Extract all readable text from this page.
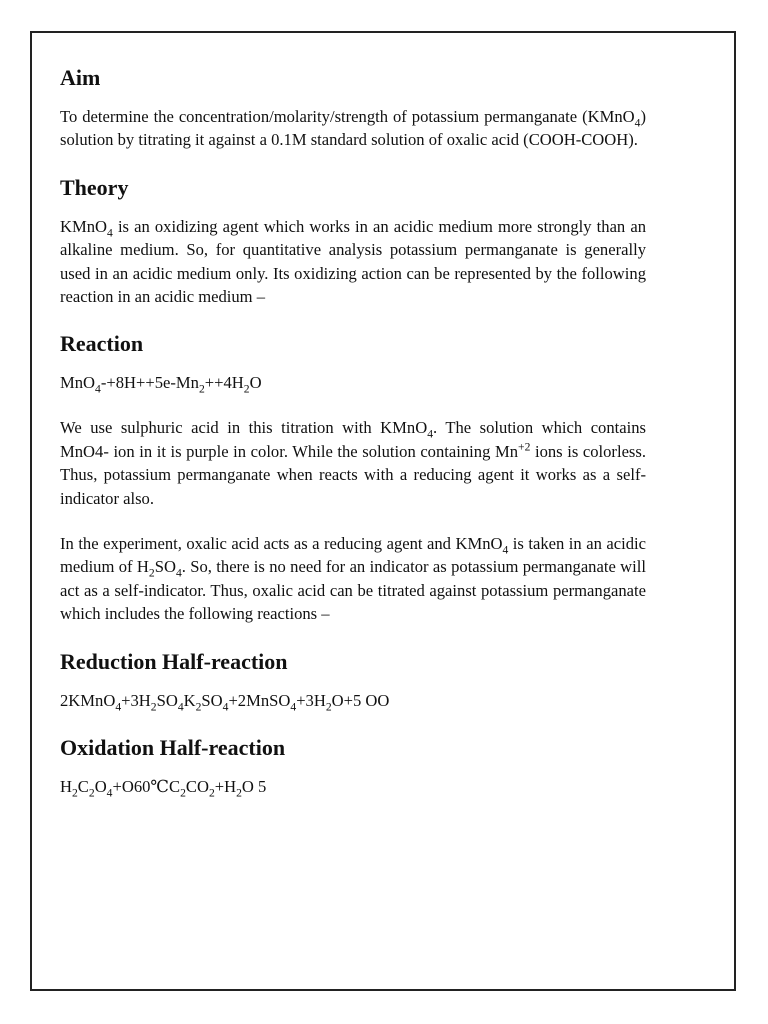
Aim

To determine the concentration/molarity/strength of potassium permanganate (KMnO$_4$) solution by titrating it against a 0.1M standard solution of oxalic acid (COOH-COOH).

Theory

KMnO$_4$ is an oxidizing agent which works in an acidic medium more strongly than an alkaline medium. So, for quantitative analysis potassium permanganate is generally used in an acidic medium only. Its oxidizing action can be represented by the following reaction in an acidic medium –

Reaction

$MnO_4-+8H++5e-Mn_2++4H_2O$

We use sulphuric acid in this titration with KMnO$_4$. The solution which contains MnO4- ion in it is purple in color. While the solution containing $Mn^{+2}$ ions is colorless. Thus, potassium permanganate when reacts with a reducing agent it works as a self-indicator also.

In the experiment, oxalic acid acts as a reducing agent and KMnO$_4$ is taken in an acidic medium of $H_2SO_4$. So, there is no need for an indicator as potassium permanganate will act as a self-indicator. Thus, oxalic acid can be titrated against potassium permanganate which includes the following reactions –

Reduction Half-reaction

$2KMnO_4+3H_2SO_4K_2SO_4+2MnSO_4+3H_2O+5$ OO

Oxidation Half-reaction

$H_2C_2O_4+O60℃C_2CO_2+H_2O$ 5
